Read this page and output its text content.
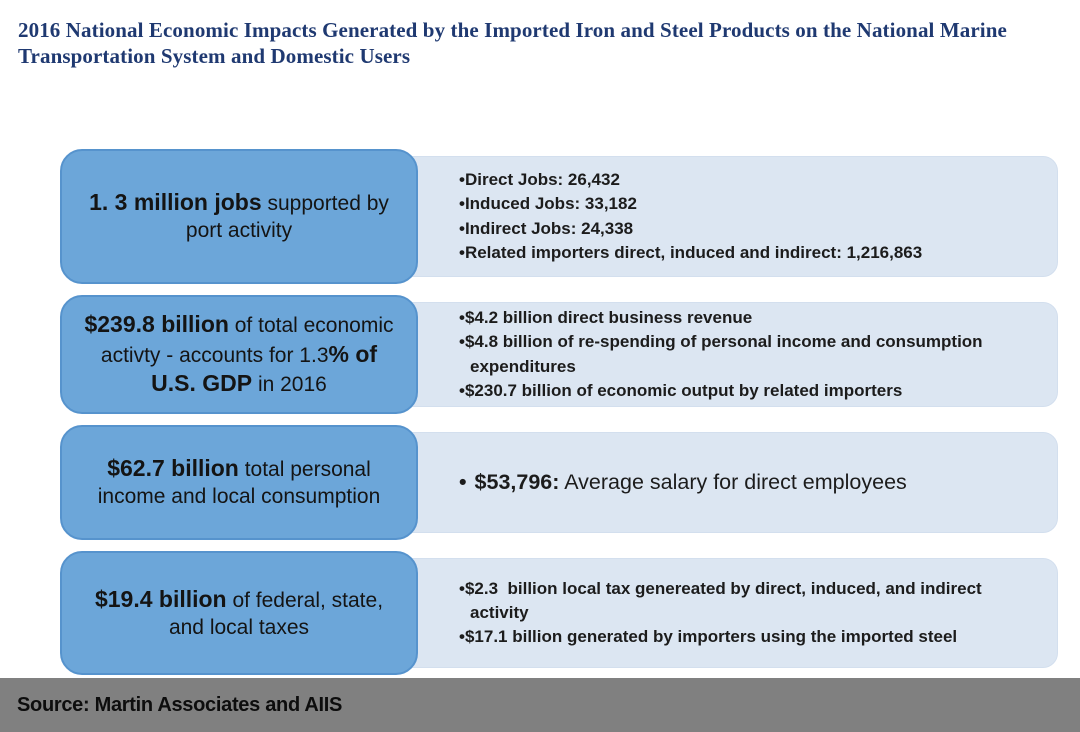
2016 National Economic Impacts Generated by the Imported Iron and Steel Products on the National Marine Transportation System and Domestic Users
1. 3 million jobs supported by port activity
•Direct Jobs: 26,432
•Induced Jobs: 33,182
•Indirect Jobs: 24,338
•Related importers direct, induced and indirect: 1,216,863
$239.8 billion of total economic activty - accounts for 1.3% of U.S. GDP in 2016
•$4.2 billion direct business revenue
•$4.8 billion of re-spending of personal income and consumption expenditures
•$230.7 billion of economic output by related importers
$62.7 billion total personal income and local consumption
• $53,796: Average salary for direct employees
$19.4 billion of federal, state, and local taxes
•$2.3  billion local tax genereated by direct, induced, and indirect activity
•$17.1 billion generated by importers using the imported steel
Source: Martin Associates and AIIS
